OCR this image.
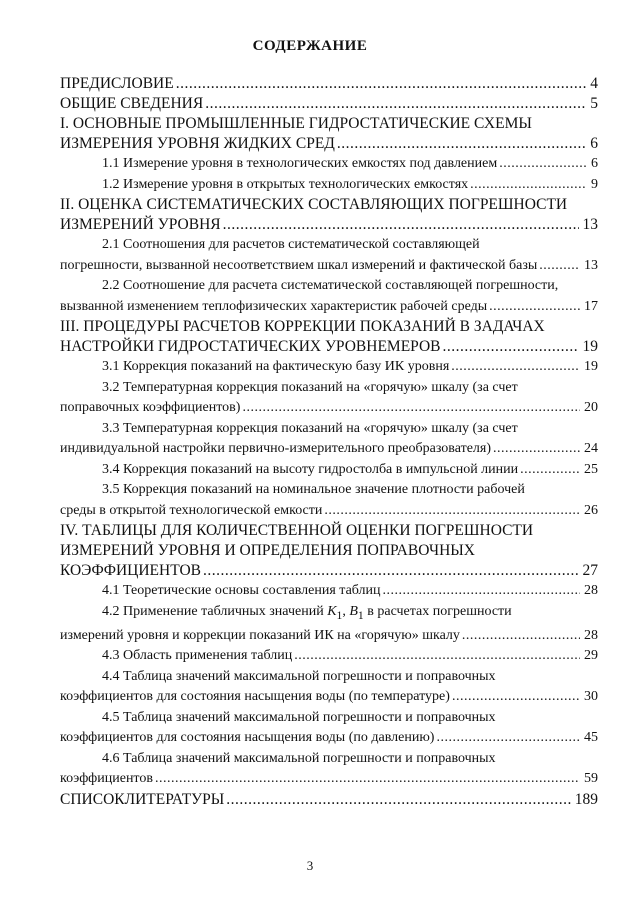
СОДЕРЖАНИЕ
ПРЕДИСЛОВИЕ .....	4
ОБЩИЕ СВЕДЕНИЯ .....	5
I. ОСНОВНЫЕ ПРОМЫШЛЕННЫЕ ГИДРОСТАТИЧЕСКИЕ СХЕМЫ
ИЗМЕРЕНИЯ УРОВНЯ ЖИДКИХ СРЕД .....	6
1.1 Измерение уровня в технологических емкостях под давлением .....	6
1.2 Измерение уровня в открытых технологических емкостях .....	9
II. ОЦЕНКА СИСТЕМАТИЧЕСКИХ СОСТАВЛЯЮЩИХ ПОГРЕШНОСТИ
ИЗМЕРЕНИЙ УРОВНЯ .....	13
2.1 Соотношения для расчетов систематической составляющей
погрешности, вызванной несоответствием шкал измерений и фактической базы .....	13
2.2 Соотношение для расчета систематической составляющей погрешности,
вызванной изменением теплофизических характеристик рабочей среды .....	17
III. ПРОЦЕДУРЫ РАСЧЕТОВ КОРРЕКЦИИ ПОКАЗАНИЙ В ЗАДАЧАХ
НАСТРОЙКИ ГИДРОСТАТИЧЕСКИХ УРОВНЕМЕРОВ .....	19
3.1 Коррекция показаний на фактическую базу ИК уровня .....	19
3.2 Температурная коррекция показаний на «горячую» шкалу (за счет
поправочных коэффициентов) .....	20
3.3 Температурная коррекция показаний на «горячую» шкалу (за счет
индивидуальной настройки первично-измерительного преобразователя) .....	24
3.4 Коррекция показаний на высоту гидростолба в импульсной линии .....	25
3.5 Коррекция показаний на номинальное значение плотности рабочей
среды в открытой технологической емкости .....	26
IV. ТАБЛИЦЫ ДЛЯ КОЛИЧЕСТВЕННОЙ ОЦЕНКИ ПОГРЕШНОСТИ
ИЗМЕРЕНИЙ УРОВНЯ И ОПРЕДЕЛЕНИЯ ПОПРАВОЧНЫХ
КОЭФФИЦИЕНТОВ .....	27
4.1 Теоретические основы составления таблиц .....	28
4.2 Применение табличных значений $K_1$, $B_1$ в расчетах погрешности
измерений уровня и коррекции показаний ИК на «горячую» шкалу .....	28
4.3 Область применения таблиц .....	29
4.4 Таблица значений максимальной погрешности и поправочных
коэффициентов для состояния насыщения воды (по температуре) .....	30
4.5 Таблица значений максимальной погрешности и поправочных
коэффициентов для состояния насыщения воды (по давлению) .....	45
4.6 Таблица значений максимальной погрешности и поправочных
коэффициентов .....	59
СПИСОКЛИТЕРАТУРЫ .....	189
3
